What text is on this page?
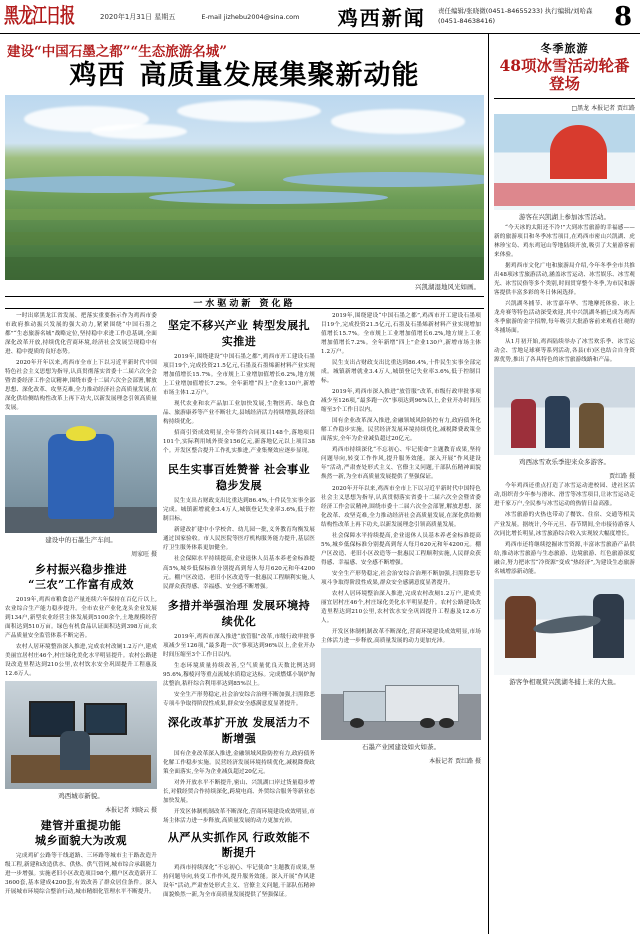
黑龙江日报	2020年1月31日 星期五	E-mail jizhebu2004@sina.com	鸡西新闻	责任编辑/张晓微(0451-84655233) 执行编辑/刘哈森(0451-84638416)	8
建设“中国石墨之都”“生态旅游名城”
鸡西 高质量发展集聚新动能
兴凯湖湿地风光如画。
一水驱动新 资化路

一时出席黑龙江省发展、把落实重要指示作为鸡西市委市政府推动振兴发展的强大动力,紧紧围绕“中国石墨之都”“生态旅游名城”战略定位,坚持稳中求进工作总基调,全面深化改革开放,持续优化营商环境,经济社会发展呈现稳中有进、稳中提质的良好态势。

2020年开年以来,鸡西市全市上下以习近平新时代中国特色社会主义思想为指导,认真贯彻落实省委十二届六次全会暨省委经济工作会议精神,围绕市委十二届六次全会部署,解放思想、深化改革、攻坚克难,全力推动经济社会高质量发展,在深化供给侧结构性改革上再下功夫,以新发展理念引领高质量发展。

建设中的石墨生产车间。
周家旺 摄
乡村振兴稳步推进
“三农”工作富有成效

2019年,鸡西市粮食总产量连续六年保持在百亿斤以上,农业综合生产能力稳步提升。全市农业产业化龙头企业发展到134户,新型农业经营主体发展到5100余个,土地规模经营面积达到510万亩。绿色有机食品认证面积达到398万亩,农产品质量安全监管体系不断完善。

农村人居环境整治深入推进,完成农村改厕1.2万户,建成美丽宜居村庄46个,村庄绿化美化水平明显提升。农村公路建设改造里程达到210公里,农村饮水安全巩固提升工程惠及12.6万人。

鸡西城市新貌。
本报记者 刘晓云 摄
建管并重提功能
城乡面貌大为改观

完成鸡矿公路等干线道路、三环路等城市主干路改造升级工程,新建和改造供水、供热、供气管网,城市综合承载能力进一步增强。实施老旧小区改造项目98个,棚户区改造新开工3600套,基本建成4200套,有效改善了群众居住条件。深入开展城市环境综合整治行动,城市精细化管理水平不断提升。

坚定不移兴产业 转型发展扎实推进

2019年,围绕建设“中国石墨之都”,鸡西市开工建设石墨项目19个,完成投资21.5亿元,石墨及石墨烯新材料产业实现增加值增长15.7%。全市规上工业增加值增长6.2%,地方规上工业增加值增长7.2%。全年新增“四上”企业130户,新增市场主体1.2万户。

现代农业和农产品加工业加快发展,生物医药、绿色食品、旅游康养等产业不断壮大,县域经济活力持续增强,经济结构持续优化。

招商引资成效明显,全年签约合同项目148个,落地项目101个,实际利用域外资金156亿元,新落地亿元以上项目38个。开发区整合提升工作扎实推进,产业集聚效应逐步显现。

民生实事百姓赞誉 社会事业稳步发展

民生支出占财政支出比重达到86.4%,十件民生实事全部完成。城镇新增就业3.4万人,城镇登记失业率3.6%,低于控制目标。

新建改扩建中小学校舍、幼儿园一批,义务教育均衡发展通过国家验收。市人民医院等医疗机构服务能力提升,基层医疗卫生服务体系更加健全。

社会保障水平持续提高,企业退休人员基本养老金标准提高5%,城乡低保标准分别提高到每人每月620元和年4200元。棚户区改造、老旧小区改造等一批惠民工程顺利实施,人民群众获得感、幸福感、安全感不断增强。

多措并举强治理 发展环境持续优化

2019年,鸡西市深入推进“放管服”改革,市级行政审批事项减少至126项,“最多跑一次”事项达到96%以上,企业开办时间压缩至3个工作日以内。

生态环境质量持续改善,空气质量优良天数比例达到95.6%,穆棱河等重点流域水质稳定达标。完成燃煤小锅炉淘汰整治,秸秆综合利用率达到85%以上。

安全生产形势稳定,社会治安综合治理不断加强,扫黑除恶专项斗争取得阶段性成果,群众安全感满意度显著提升。

深化改革扩开放 发展活力不断增强

国有企业改革深入推进,金融领域风险防控有力,政府债务化解工作稳步实施。民营经济发展环境持续优化,减税降费政策全面落实,全年为企业减负超过20亿元。

对外开放水平不断提升,密山、兴凯湖口岸过货量稳步增长,对俄经贸合作持续深化,跨境电商、外贸综合服务等新业态加快发展。

开发区体制机制改革不断深化,营商环境建设成效明显,市场主体活力进一步释放,高质量发展的动力更加充沛。

从严从实抓作风 行政效能不断提升

鸡西市持续深化“不忘初心、牢记使命”主题教育成果,坚持问题导向,转变工作作风,提升服务效能。深入开展“作风建设年”活动,严肃查处形式主义、官僚主义问题,干部队伍精神面貌焕然一新,为全市高质量发展提供了坚强保证。

2019年,围绕建设“中国石墨之都”,鸡西市开工建设石墨项目19个,完成投资21.5亿元,石墨及石墨烯新材料产业实现增加值增长15.7%。全市规上工业增加值增长6.2%,地方规上工业增加值增长7.2%。全年新增“四上”企业130户,新增市场主体1.2万户。

民生支出占财政支出比重达到86.4%,十件民生实事全部完成。城镇新增就业3.4万人,城镇登记失业率3.6%,低于控制目标。

2019年,鸡西市深入推进“放管服”改革,市级行政审批事项减少至126项,“最多跑一次”事项达到96%以上,企业开办时间压缩至3个工作日以内。

国有企业改革深入推进,金融领域风险防控有力,政府债务化解工作稳步实施。民营经济发展环境持续优化,减税降费政策全面落实,全年为企业减负超过20亿元。

鸡西市持续深化“不忘初心、牢记使命”主题教育成果,坚持问题导向,转变工作作风,提升服务效能。深入开展“作风建设年”活动,严肃查处形式主义、官僚主义问题,干部队伍精神面貌焕然一新,为全市高质量发展提供了坚强保证。

2020年开年以来,鸡西市全市上下以习近平新时代中国特色社会主义思想为指导,认真贯彻落实省委十二届六次全会暨省委经济工作会议精神,围绕市委十二届六次全会部署,解放思想、深化改革、攻坚克难,全力推动经济社会高质量发展,在深化供给侧结构性改革上再下功夫,以新发展理念引领高质量发展。

社会保障水平持续提高,企业退休人员基本养老金标准提高5%,城乡低保标准分别提高到每人每月620元和年4200元。棚户区改造、老旧小区改造等一批惠民工程顺利实施,人民群众获得感、幸福感、安全感不断增强。

安全生产形势稳定,社会治安综合治理不断加强,扫黑除恶专项斗争取得阶段性成果,群众安全感满意度显著提升。

农村人居环境整治深入推进,完成农村改厕1.2万户,建成美丽宜居村庄46个,村庄绿化美化水平明显提升。农村公路建设改造里程达到210公里,农村饮水安全巩固提升工程惠及12.6万人。

开发区体制机制改革不断深化,营商环境建设成效明显,市场主体活力进一步释放,高质量发展的动力更加充沛。

石墨产业园建设如火如荼。
本报记者 贾红路 摄
冬季旅游
48项冰雪活动轮番登场
□黑龙 本报记者 贾红路
游客在兴凯湖上参加冰雪活动。

“今天冰的太阳还不冷!”大到冰雪旅游的幸福感——新的旅游项目和冬季冰雪项目,在鸡西市密山兴凯湖、虎林珍宝岛、鸡东鸡冠山等地陆续开放,吸引了大量游客前来体验。

据鸡西市文化广电和旅游局介绍,今年冬季全市共推出48项冰雪旅游活动,涵盖冰雪运动、冰雪娱乐、冰雪观光、冰雪民俗等多个类别,时间贯穿整个冬季,为市民和游客提供丰富多彩的冬日休闲选择。

兴凯湖冬捕节、冰雪嘉年华、雪地摩托体验、冰上龙舟赛等特色活动深受欢迎,其中兴凯湖冬捕已成为鸡西冬季旅游的金字招牌,每年吸引大批游客前来观看壮观的冬捕场面。

从1月初开始,鸡西陆续举办了冰雪欢乐季、冰雪运动会、雪地足球赛等系列活动,各县(市)区也结合自身资源优势,推出了各具特色的冰雪旅游线路和产品。

鸡西冰雪欢乐季迎来众多游客。
贾红路 摄

今年鸡西还重点打造了冰雪运动进校园、进社区活动,组织青少年参与滑冰、滑雪等冰雪项目,让冰雪运动走进千家万户,全民参与冰雪运动的热情日益高涨。

冰雪旅游的火热也带动了餐饮、住宿、交通等相关产业发展。据统计,今年元旦、春节期间,全市接待游客人次同比增长明显,冰雪旅游综合收入实现较大幅度增长。

鸡西市还将继续挖掘冰雪资源,丰富冰雪旅游产品供给,推动冰雪旅游与生态旅游、边境旅游、红色旅游深度融合,努力把冰雪“冷资源”变成“热经济”,为建设生态旅游名城增添新动能。

游客争相观赏兴凯湖冬捕上来的大鱼。
